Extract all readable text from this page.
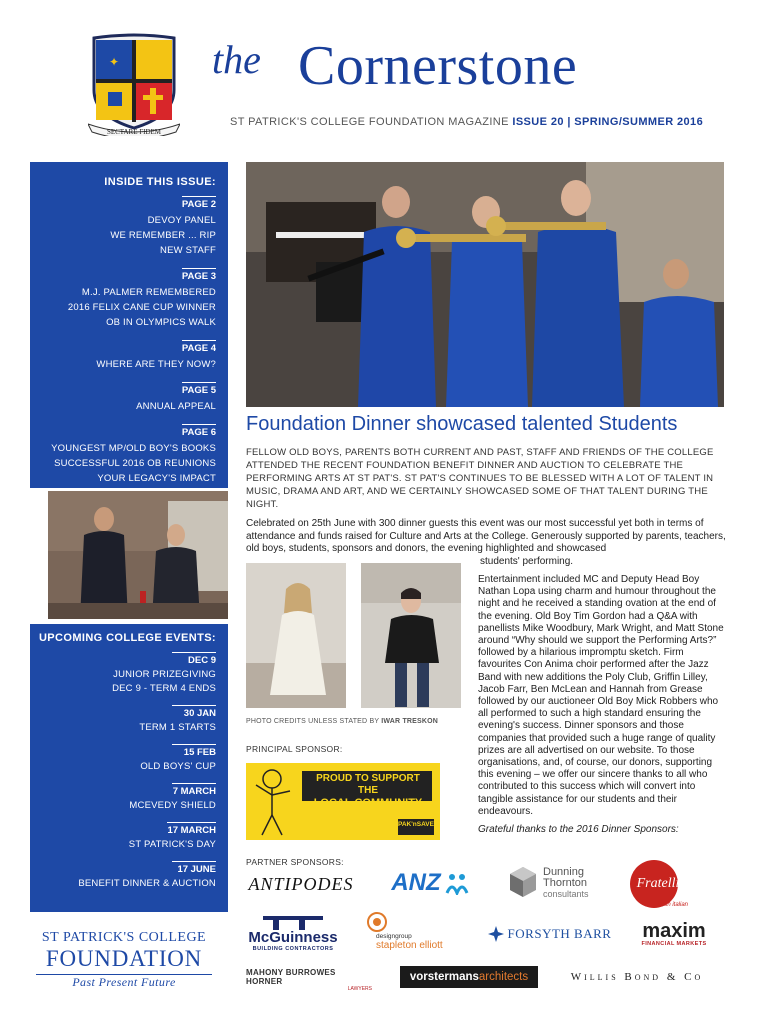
✦
SECTARE FIDEM
the Cornerstone
ST PATRICK'S COLLEGE FOUNDATION MAGAZINE ISSUE 20 | SPRING/SUMMER 2016
INSIDE THIS ISSUE:
PAGE 2
DEVOY PANEL
WE REMEMBER ... RIP
NEW STAFF
PAGE 3
M.J. PALMER REMEMBERED
2016 FELIX CANE CUP WINNER
OB IN OLYMPICS WALK
PAGE 4
WHERE ARE THEY NOW?
PAGE 5
ANNUAL APPEAL
PAGE 6
YOUNGEST MP/OLD BOY'S BOOKS
SUCCESSFUL 2016 OB REUNIONS
YOUR LEGACY'S IMPACT
UPCOMING COLLEGE EVENTS:
DEC 9
JUNIOR PRIZEGIVING
DEC 9 - TERM 4 ENDS
30 JAN
TERM 1 STARTS
15 FEB
OLD BOYS' CUP
7 MARCH
MCEVEDY SHIELD
17 MARCH
ST PATRICK'S DAY
17 JUNE
BENEFIT DINNER & AUCTION
ST PATRICK'S COLLEGE
FOUNDATION
Past Present Future
Foundation Dinner showcased talented Students
FELLOW OLD BOYS, PARENTS BOTH CURRENT AND PAST, STAFF AND FRIENDS OF THE COLLEGE ATTENDED THE RECENT FOUNDATION BENEFIT DINNER AND AUCTION TO CELEBRATE THE PERFORMING ARTS AT ST PAT'S. ST PAT'S CONTINUES TO BE BLESSED WITH A LOT OF TALENT IN MUSIC, DRAMA AND ART, AND WE CERTAINLY SHOWCASED SOME OF THAT TALENT DURING THE NIGHT.
Celebrated on 25th June with 300 dinner guests this event was our most successful yet both in terms of attendance and funds raised for Culture and Arts at the College. Generously supported by parents, teachers, old boys, students, sponsors and donors, the evening highlighted and showcased
students' performing.
PHOTO CREDITS UNLESS STATED BY IWAR TRESKON
PRINCIPAL SPONSOR:
PROUD TO SUPPORT THE
LOCAL COMMUNITY
PAK'nSAVE
Entertainment included MC and Deputy Head Boy Nathan Lopa using charm and humour throughout the night and he received a standing ovation at the end of the evening. Old Boy Tim Gordon had a Q&A with panellists Mike Woodbury, Mark Wright, and Matt Stone around “Why should we support the Performing Arts?” followed by a hilarious impromptu sketch. Firm favourites Con Anima choir performed after the Jazz Band with new additions the Poly Club, Griffin Lilley, Jacob Farr, Ben McLean and Hannah from Grease followed by our auctioneer Old Boy Mick Robbers who all performed to such a high standard ensuring the evening's success. Dinner sponsors and those companies that provided such a huge range of quality prizes are all advertised on our website. To those organisations, and, of course, our donors, supporting this evening – we offer our sincere thanks to all who contributed to this success which will convert into tangible assistance for our students and their endeavours.
Grateful thanks to the 2016 Dinner Sponsors:
PARTNER SPONSORS:
ANTIPODES ANZ	Dunning
Thornton
consultants
Fratelli
fresh italian
McGuinness
BUILDING CONTRACTORS
designgroup
stapleton elliott
FORSYTH BARR maxim
FINANCIAL MARKETS
MAHONY BURROWES HORNER
LAWYERS
vorstermans architects	Willis Bond & Co
